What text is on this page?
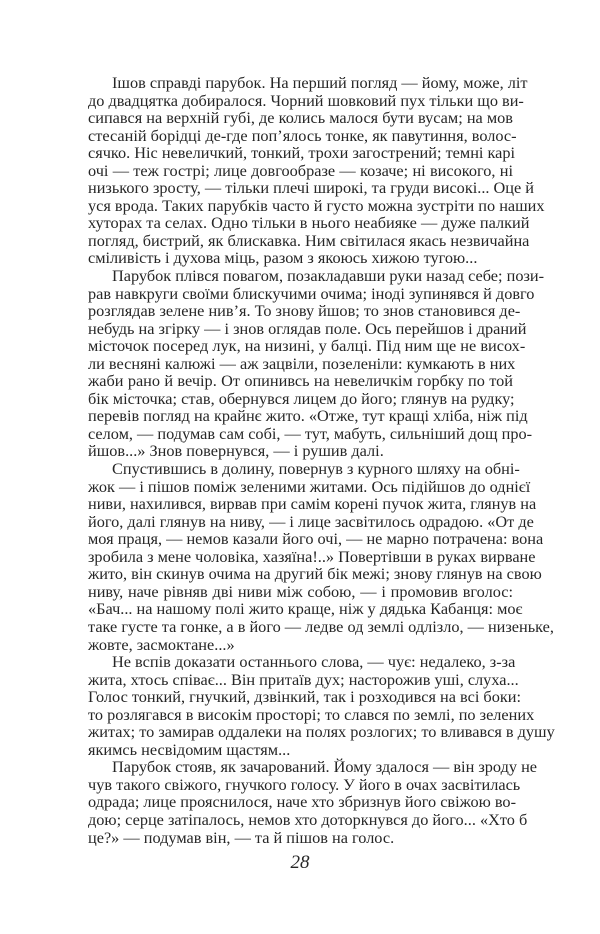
Ішов справді парубок. На перший погляд — йому, може, літ
до двадцятка добиралося. Чорний шовковий пух тільки що ви-
сипався на верхній губі, де колись малося бути вусам; на мов
стесаній борідці де-где поп’ялось тонке, як павутиння, волос-
сячко. Ніс невеличкий, тонкий, трохи загострений; темні карі
очі — теж гострі; лице довгообразе — козаче; ні високого, ні
низького зросту, — тільки плечі широкі, та груди високі... Оце й
уся врода. Таких парубків часто й густо можна зустріти по наших
хуторах та селах. Одно тільки в нього неабияке — дуже палкий
погляд, бистрий, як блискавка. Ним світилася якась незвичайна
сміливість і духова міць, разом з якоюсь хижою тугою...
Парубок плівся повагом, позакладавши руки назад себе; пози-
рав навкруги своїми блискучими очима; іноді зупинявся й довго
розглядав зелене нив’я. То знову йшов; то знов становився де-
небудь на згірку — і знов оглядав поле. Ось перейшов і драний
місточок посеред лук, на низині, у балці. Під ним ще не висох-
ли весняні калюжі — аж зацвіли, позеленіли: кумкають в них
жаби рано й вечір. От опинивсь на невеличкім горбку по той
бік місточка; став, обернувся лицем до його; глянув на рудку;
перевів погляд на крайнє жито. «Отже, тут кращі хліба, ніж під
селом, — подумав сам собі, — тут, мабуть, сильніший дощ про-
йшов...» Знов повернувся, — і рушив далі.
Спустившись в долину, повернув з курного шляху на обні-
жок — і пішов поміж зеленими житами. Ось підійшов до однієї
ниви, нахилився, вирвав при самім корені пучок жита, глянув на
його, далі глянув на ниву, — і лице засвітилось одрадою. «От де
моя праця, — немов казали його очі, — не марно потрачена: вона
зробила з мене чоловіка, хазяїна!..» Повертівши в руках вирване
жито, він скинув очима на другий бік межі; знову глянув на свою
ниву, наче рівняв дві ниви між собою, — і промовив вголос:
«Бач... на нашому полі жито краще, ніж у дядька Кабанця: моє
таке густе та гонке, а в його — ледве од землі одлізло, — низеньке,
жовте, засмоктане...»
Не вспів доказати останнього слова, — чує: недалеко, з-за
жита, хтось співає... Він притаїв дух; насторожив уші, слуха...
Голос тонкий, гнучкий, дзвінкий, так і розходився на всі боки:
то розлягався в високім просторі; то слався по землі, по зелених
житах; то замирав оддалеки на полях розлогих; то вливався в душу
якимсь несвідомим щастям...
Парубок стояв, як зачарований. Йому здалося — він зроду не
чув такого свіжого, гнучкого голосу. У його в очах засвітилась
одрада; лице прояснилося, наче хто збризнув його свіжою во-
дою; серце затіпалось, немов хто доторкнувся до його... «Хто б
це?» — подумав він, — та й пішов на голос.
28
